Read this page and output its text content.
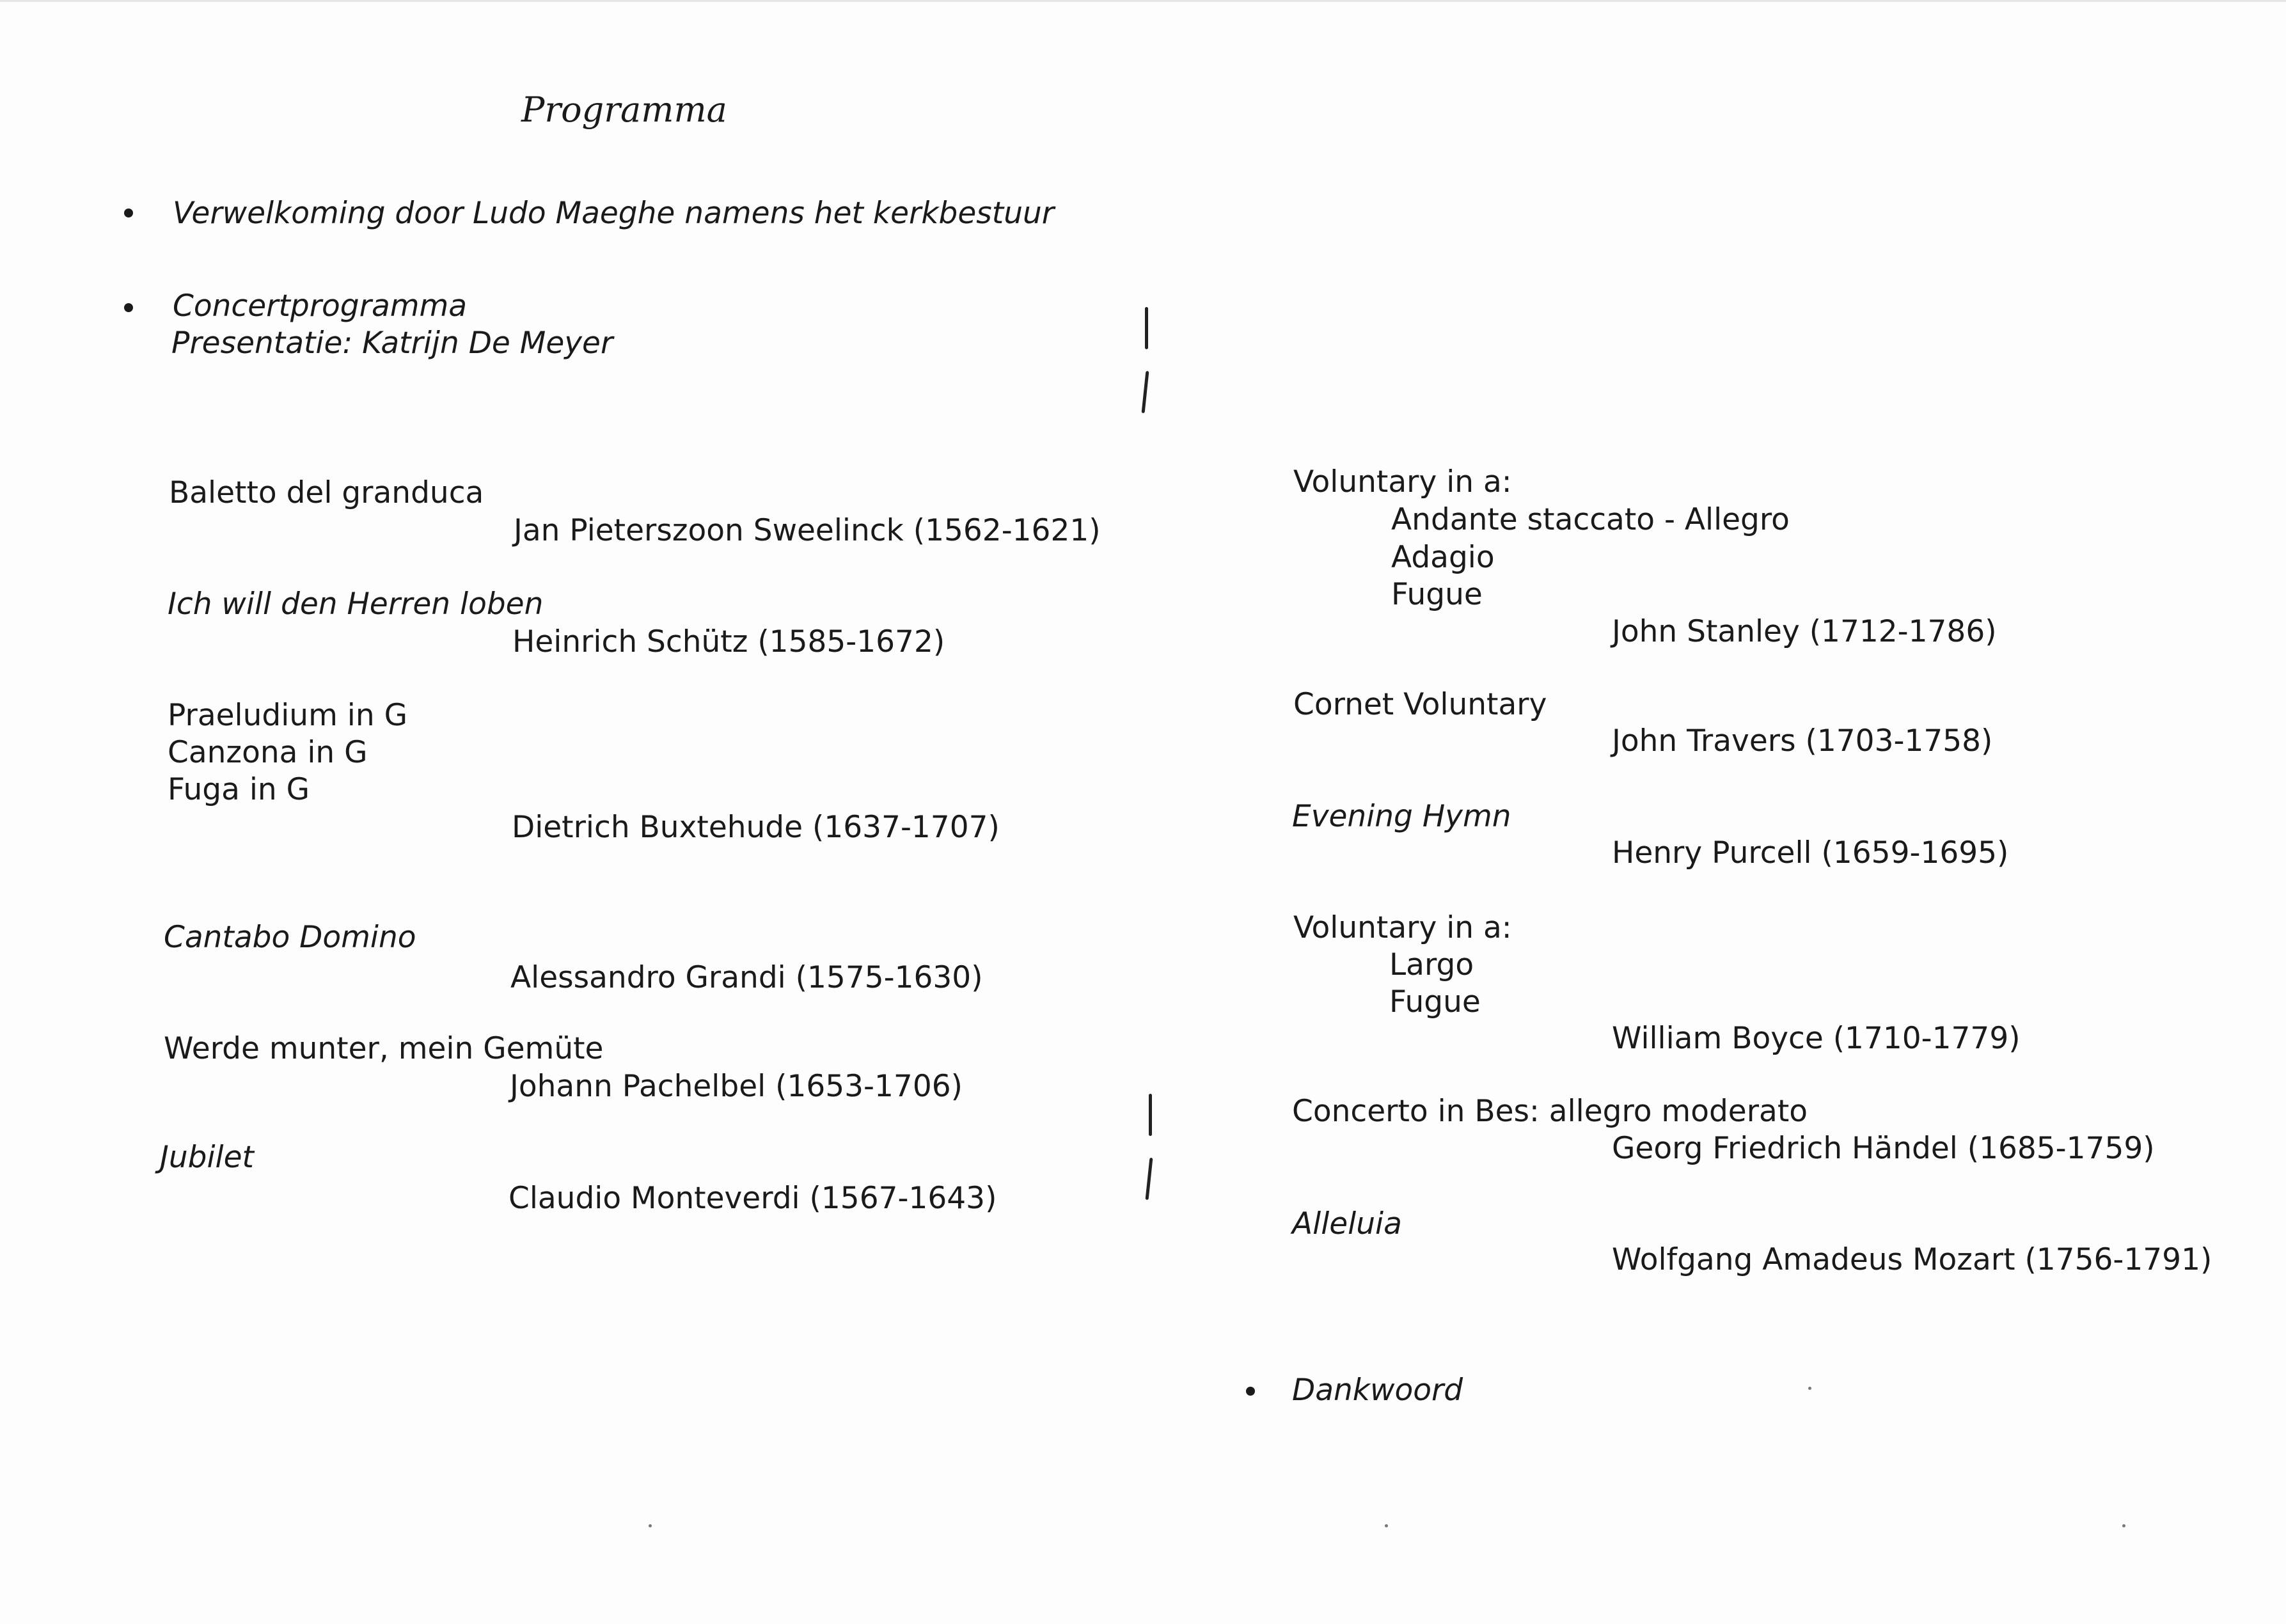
Programma
Verwelkoming door Ludo Maeghe namens het kerkbestuur
Concertprogramma
Presentatie: Katrijn De Meyer
Baletto del granduca
Jan Pieterszoon Sweelinck (1562-1621)
Ich will den Herren loben
Heinrich Schütz (1585-1672)
Praeludium in G
Canzona in G
Fuga in G
Dietrich Buxtehude (1637-1707)
Cantabo Domino
Alessandro Grandi (1575-1630)
Werde munter, mein Gemüte
Johann Pachelbel (1653-1706)
Jubilet
Claudio Monteverdi (1567-1643)
Voluntary in a:
Andante staccato - Allegro
Adagio
Fugue
John Stanley (1712-1786)
Cornet Voluntary
John Travers (1703-1758)
Evening Hymn
Henry Purcell (1659-1695)
Voluntary in a:
Largo
Fugue
William Boyce (1710-1779)
Concerto in Bes: allegro moderato
Georg Friedrich Händel (1685-1759)
Alleluia
Wolfgang Amadeus Mozart (1756-1791)
Dankwoord
